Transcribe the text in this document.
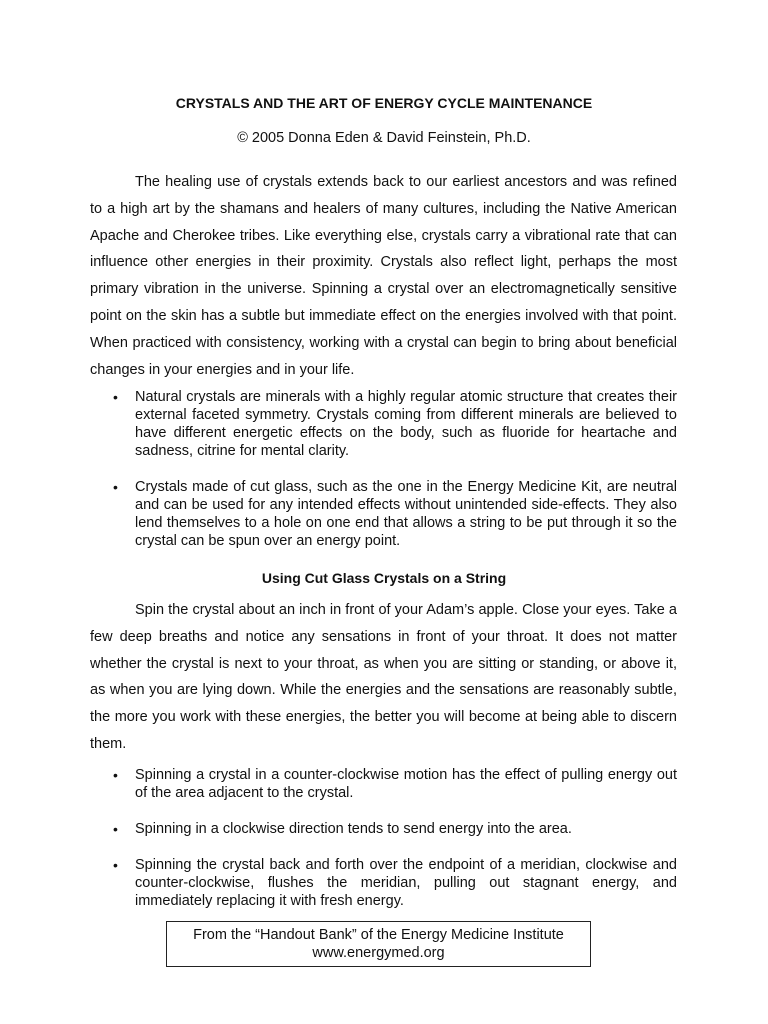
CRYSTALS AND THE ART OF ENERGY CYCLE MAINTENANCE
© 2005 Donna Eden & David Feinstein, Ph.D.

The healing use of crystals extends back to our earliest ancestors and was refined to a high art by the shamans and healers of many cultures, including the Native American Apache and Cherokee tribes. Like everything else, crystals carry a vibrational rate that can influence other energies in their proximity. Crystals also reflect light, perhaps the most primary vibration in the universe. Spinning a crystal over an electromagnetically sensitive point on the skin has a subtle but immediate effect on the energies involved with that point. When practiced with consistency, working with a crystal can begin to bring about beneficial changes in your energies and in your life.

• Natural crystals are minerals with a highly regular atomic structure that creates their external faceted symmetry. Crystals coming from different minerals are believed to have different energetic effects on the body, such as fluoride for heartache and sadness, citrine for mental clarity.
• Crystals made of cut glass, such as the one in the Energy Medicine Kit, are neutral and can be used for any intended effects without unintended side-effects. They also lend themselves to a hole on one end that allows a string to be put through it so the crystal can be spun over an energy point.
Using Cut Glass Crystals on a String

Spin the crystal about an inch in front of your Adam’s apple. Close your eyes. Take a few deep breaths and notice any sensations in front of your throat. It does not matter whether the crystal is next to your throat, as when you are sitting or standing, or above it, as when you are lying down. While the energies and the sensations are reasonably subtle, the more you work with these energies, the better you will become at being able to discern them.

• Spinning a crystal in a counter-clockwise motion has the effect of pulling energy out of the area adjacent to the crystal.
• Spinning in a clockwise direction tends to send energy into the area.
• Spinning the crystal back and forth over the endpoint of a meridian, clockwise and counter-clockwise, flushes the meridian, pulling out stagnant energy, and immediately replacing it with fresh energy.
From the “Handout Bank” of the Energy Medicine Institute
www.energymed.org
